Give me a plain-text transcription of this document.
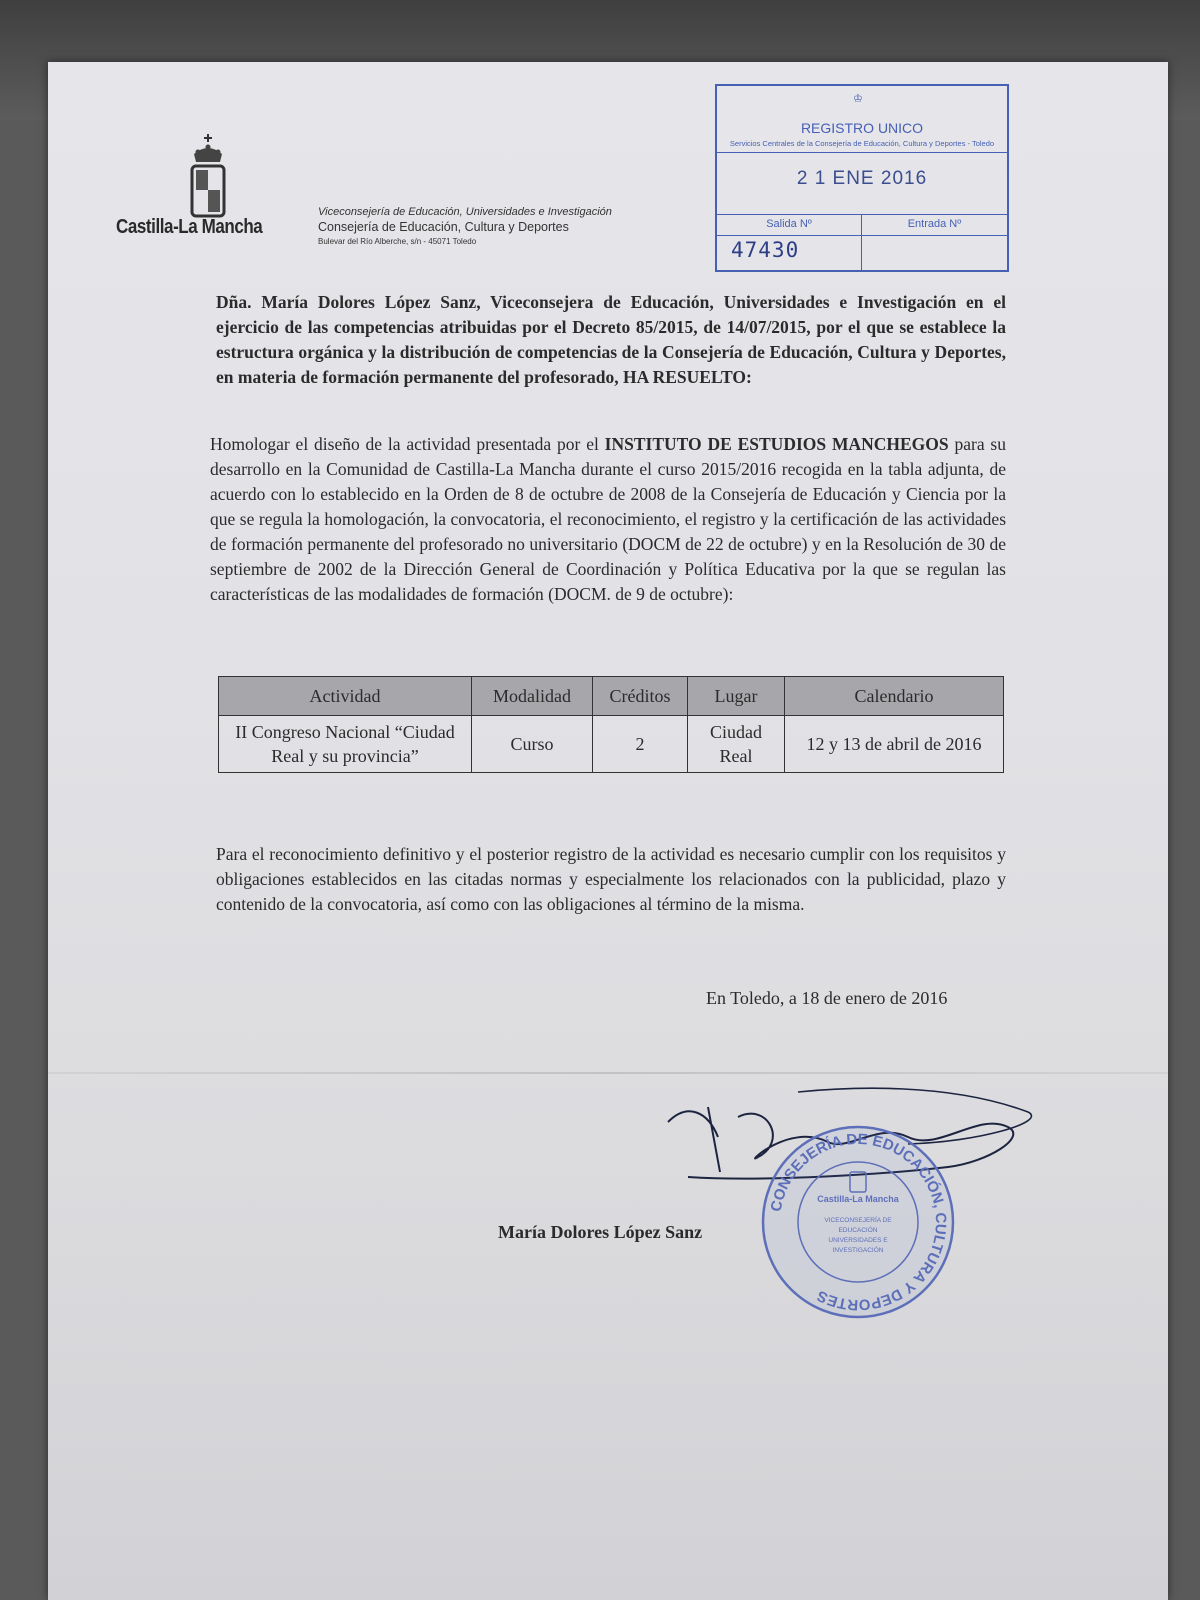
Castilla-La Mancha
Viceconsejería de Educación, Universidades e Investigación
Consejería de Educación, Cultura y Deportes
Bulevar del Río Alberche, s/n - 45071 Toledo
♔
REGISTRO UNICO
Servicios Centrales de la Consejería de Educación, Cultura y Deportes - Toledo
2 1 ENE 2016
Salida Nº	Entrada Nº
47430
Dña. María Dolores López Sanz, Viceconsejera de Educación, Universidades e Investigación en el ejercicio de las competencias atribuidas por el Decreto 85/2015, de 14/07/2015, por el que se establece la estructura orgánica y la distribución de competencias de la Consejería de Educación, Cultura y Deportes, en materia de formación permanente del profesorado, HA RESUELTO:
Homologar el diseño de la actividad presentada por el INSTITUTO DE ESTUDIOS MANCHEGOS para su desarrollo en la Comunidad de Castilla-La Mancha durante el curso 2015/2016 recogida en la tabla adjunta, de acuerdo con lo establecido en la Orden de 8 de octubre de 2008 de la Consejería de Educación y Ciencia por la que se regula la homologación, la convocatoria, el reconocimiento, el registro y la certificación de las actividades de formación permanente del profesorado no universitario (DOCM de 22 de octubre) y en la Resolución de 30 de septiembre de 2002 de la Dirección General de Coordinación y Política Educativa por la que se regulan las características de las modalidades de formación (DOCM. de 9 de octubre):
Actividad	Modalidad	Créditos	Lugar	Calendario
II Congreso Nacional “Ciudad Real y su provincia”	Curso	2	Ciudad Real	12 y 13 de abril de 2016
Para el reconocimiento definitivo y el posterior registro de la actividad es necesario cumplir con los requisitos y obligaciones establecidos en las citadas normas y especialmente los relacionados con la publicidad, plazo y contenido de la convocatoria, así como con las obligaciones al término de la misma.
En Toledo, a 18 de enero de 2016
CONSEJERÍA DE EDUCACIÓN, CULTURA Y DEPORTES
Castilla-La Mancha
VICECONSEJERÍA DE
EDUCACIÓN
UNIVERSIDADES E
INVESTIGACIÓN
María Dolores López Sanz
